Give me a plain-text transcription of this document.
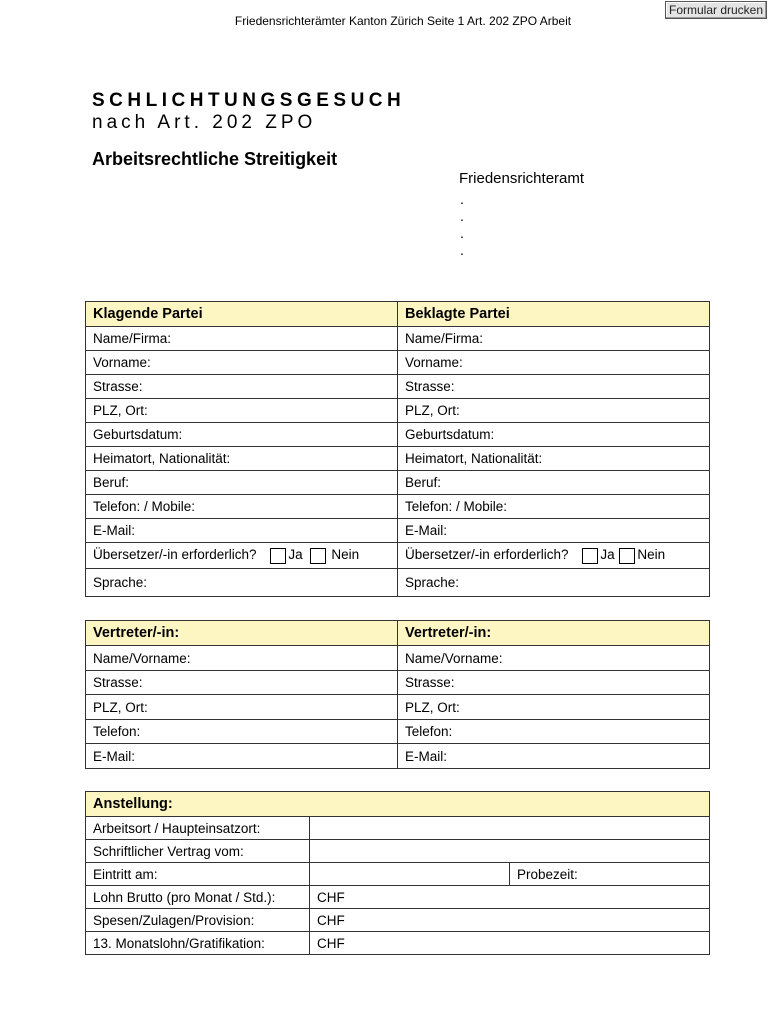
Formular drucken
Friedensrichterämter Kanton Zürich Seite 1 Art. 202 ZPO Arbeit
SCHLICHTUNGSGESUCH
nach Art. 202 ZPO
Arbeitsrechtliche Streitigkeit
Friedensrichteramt
.
.
.
.
Klagende Partei	Beklagte Partei
Name/Firma:	Name/Firma:
Vorname:	Vorname:
Strasse:	Strasse:
PLZ, Ort:	PLZ, Ort:
Geburtsdatum:	Geburtsdatum:
Heimatort, Nationalität:	Heimatort, Nationalität:
Beruf:	Beruf:
Telefon: / Mobile:	Telefon: / Mobile:
E-Mail:	E-Mail:
Übersetzer/-in erforderlich? Ja Nein	Übersetzer/-in erforderlich? Ja Nein
Sprache:	Sprache:
Vertreter/-in:	Vertreter/-in:
Name/Vorname:	Name/Vorname:
Strasse:	Strasse:
PLZ, Ort:	PLZ, Ort:
Telefon:	Telefon:
E-Mail:	E-Mail:
Anstellung:		
Arbeitsort / Haupteinsatzort:		
Schriftlicher Vertrag vom:		
Eintritt am:		Probezeit:
Lohn Brutto (pro Monat / Std.):	CHF	
Spesen/Zulagen/Provision:	CHF	
13. Monatslohn/Gratifikation:	CHF	
